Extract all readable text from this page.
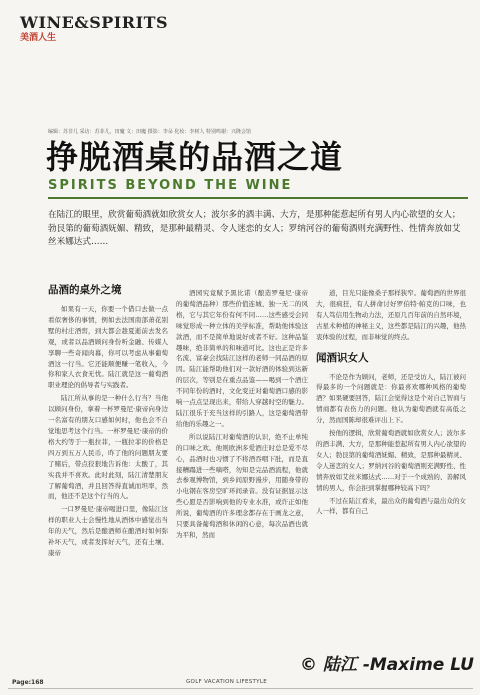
WINE&SPIRITS
美酒人生
编辑：苏非儿 采访：苏菲儿，田魔 文：田魔 摄影：李朵 化妆：李树人 特别鸣谢：兴隆会馆
挣脱酒桌的品酒之道
SPIRITS BEYOND THE WINE
在陆江的眼里，欣赏葡萄酒就如欣赏女人；波尔多的酒丰满、大方，是那种能惹起所有男人内心欲望的女人；勃艮第的葡萄酒妩媚、精致，是那种最精灵、令人迷恋的女人；罗纳河谷的葡萄酒则充满野性、性情奔放如艾丝米娜达式……
品酒的桌外之境

如果有一天，你要一个借口去做一点看似奢侈的事情，例如去法国南部萧花别墅的村庄酒窖，到大都会趁夏逝前去发名观，或者以品酒顾问身份听金融、传媒人享聊一些奇闻肉幕，你可以考虑从事葡萄酒这一行当。它还能顺便赚一笔收入，今你和家人衣食无忧。陆江就是这一葡萄酒职业理论的倡导者与实践者。

陆江所从事的是一种什么行当？当他以顾问身份，拿着一杯罗曼尼·康帝向身边一名富有的朋友口感如何时，他也会不自觉地思考这个行当。一杯罗曼尼·康帝的价格大约等于一瓶拉菲，一瓶拉菲的价格是四万到五万人民币，昨了他的问题朋友要了赌后，带点狡狠地告诉他：太酸了，其实我并不喜欢。此时此刻，陆江清楚朋友了解葡萄酒，并且回答得直诚而坦率，然而，他还不是这个行当的人。

一口罗曼尼·康帝喝进口里，像陆江这样的职业人士会慢性地从酒体中感觉出当年的天气，然后是酿酒师在酿酒时如何弥补坏天气，或者发挥好天气，还有土壤、康帝

酒园究竟赋予黑比诺（酿造罗曼尼·康帝的葡萄酒品种）那些价值连城、独一无二的风格，它与其它年份有何不同……这些感受会同味觉形成一种立体的美学标准，帮助他体验这款酒，而不是简单地说好或者不好。这种品鉴趣味，绝非简单的和味道可比。这也正是许多名流、富豪会找陆江这样的老师一同品酒的原因。陆江能帮助他们对一款好酒的体验到达新的层次，等别是在重点品鉴——喝到一个酒庄不同年份的酒时，文化变迁对葡萄酒口感的影响一点点呈现出来，带给人穿越时空的魅力。陆江很乐于充当这样的引路人，这是葡萄酒带给他的乐趣之一。

所以说陆江对葡萄酒的认识，绝不止单纯的口味之欢。他则欧洲多爱酒庄时总是爱不尽心，品酒时也习惯了不将酒吞咽下肚，而是直接糟蹋进一些嘀嗒，勿知是完品酒流程，他就去参观博物馆，到乡间原野漫步，用随身带的小电钢在客房空旷环间录音。没有证据显示这些心愿是否影响到他的专业水准，或许正如他所说，葡萄酒的许多理念都存在于画龙之意，只要具备葡萄酒和休闲的心意，每次品酒也就为平和，然而

道，目光只能像桑子那样狭窄。葡萄酒的世界很大，很疯狂，有人拼命讨好罗伯特·帕克的口味，也有人笃信用生物动力法，还原几百年前的自然环境，古星术种植的神秘主义，这些都是陆江的兴趣，他热衷体验的过程，而非味觉的终点。

闻酒识女人

不论是作为顾问，老师，还是受访人，陆江被问得最多的一个问题就是：你最喜欢哪种风格的葡萄酒？如果硬要回答，陆江会觉得这是个对自己智商与情商都有表伤力的问题。他认为葡萄酒就有高低之分，然而国陈却很难评出上下。

按他的逻辑，欣赏葡萄酒就如欣赏女人；波尔多的酒丰满、大方，是那种能惹起所有男人内心欲望的女人；勃艮第的葡萄酒妩媚、精致，是那种最精灵、令人迷恋的女人；罗纳河谷的葡萄酒则充满野性、性情奔放如艾丝米娜达式……对于一个成熟的、善解风情的男人，你会拒到掌握哪种较高下吗？

不过在陆江看来，最出众的葡萄酒与最出众的女人一样，都有自己

© 陆江 -Maxime LU
Page:168	GOLF VACATION LIFESTYLE
